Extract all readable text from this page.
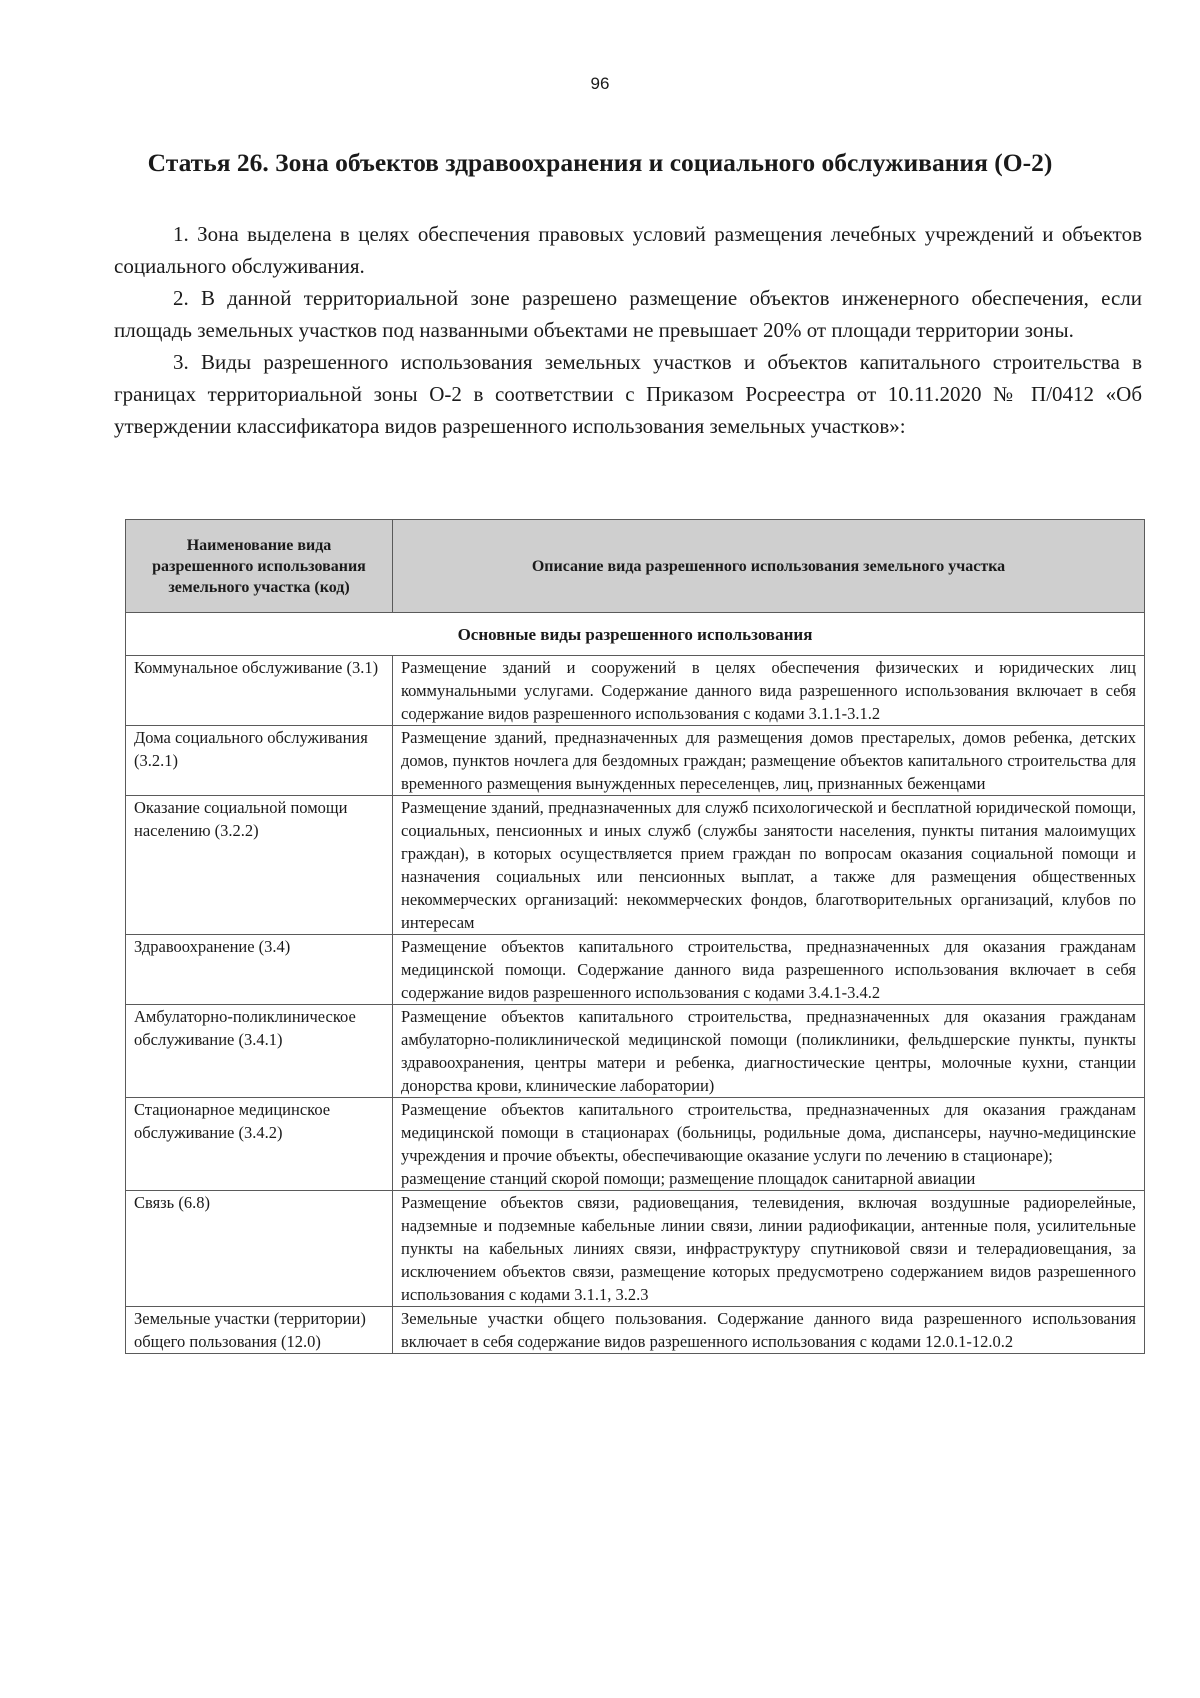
96
Статья 26. Зона объектов здравоохранения и социального обслуживания (О-2)

1. Зона выделена в целях обеспечения правовых условий размещения лечебных учреждений и объектов социального обслуживания.

2. В данной территориальной зоне разрешено размещение объектов инженерного обеспечения, если площадь земельных участков под названными объектами не превышает 20% от площади территории зоны.

3. Виды разрешенного использования земельных участков и объектов капитального строительства в границах территориальной зоны О-2 в соответствии с Приказом Росреестра от 10.11.2020 № П/0412 «Об утверждении классификатора видов разрешенного использования земельных участков»:

Наименование вида разрешенного использования земельного участка (код)	Описание вида разрешенного использования земельного участка
Основные виды разрешенного использования	
Коммунальное обслуживание (3.1)	Размещение зданий и сооружений в целях обеспечения физических и юридических лиц коммунальными услугами. Содержание данного вида разрешенного использования включает в себя содержание видов разрешенного использования с кодами 3.1.1-3.1.2
Дома социального обслуживания (3.2.1)	Размещение зданий, предназначенных для размещения домов престарелых, домов ребенка, детских домов, пунктов ночлега для бездомных граждан; размещение объектов капитального строительства для временного размещения вынужденных переселенцев, лиц, признанных беженцами
Оказание социальной помощи населению (3.2.2)	Размещение зданий, предназначенных для служб психологической и бесплатной юридической помощи, социальных, пенсионных и иных служб (службы занятости населения, пункты питания малоимущих граждан), в которых осуществляется прием граждан по вопросам оказания социальной помощи и назначения социальных или пенсионных выплат, а также для размещения общественных некоммерческих организаций: некоммерческих фондов, благотворительных организаций, клубов по интересам
Здравоохранение (3.4)	Размещение объектов капитального строительства, предназначенных для оказания гражданам медицинской помощи. Содержание данного вида разрешенного использования включает в себя содержание видов разрешенного использования с кодами 3.4.1-3.4.2
Амбулаторно-поликлиническое обслуживание (3.4.1)	Размещение объектов капитального строительства, предназначенных для оказания гражданам амбулаторно-поликлинической медицинской помощи (поликлиники, фельдшерские пункты, пункты здравоохранения, центры матери и ребенка, диагностические центры, молочные кухни, станции донорства крови, клинические лаборатории)
Стационарное медицинское обслуживание (3.4.2)	Размещение объектов капитального строительства, предназначенных для оказания гражданам медицинской помощи в стационарах (больницы, родильные дома, диспансеры, научно-медицинские учреждения и прочие объекты, обеспечивающие оказание услуги по лечению в стационаре);
размещение станций скорой помощи; размещение площадок санитарной авиации

Связь (6.8)	Размещение объектов связи, радиовещания, телевидения, включая воздушные радиорелейные, надземные и подземные кабельные линии связи, линии радиофикации, антенные поля, усилительные пункты на кабельных линиях связи, инфраструктуру спутниковой связи и телерадиовещания, за исключением объектов связи, размещение которых предусмотрено содержанием видов разрешенного использования с кодами 3.1.1, 3.2.3
Земельные участки (территории) общего пользования (12.0)	Земельные участки общего пользования. Содержание данного вида разрешенного использования включает в себя содержание видов разрешенного использования с кодами 12.0.1-12.0.2
